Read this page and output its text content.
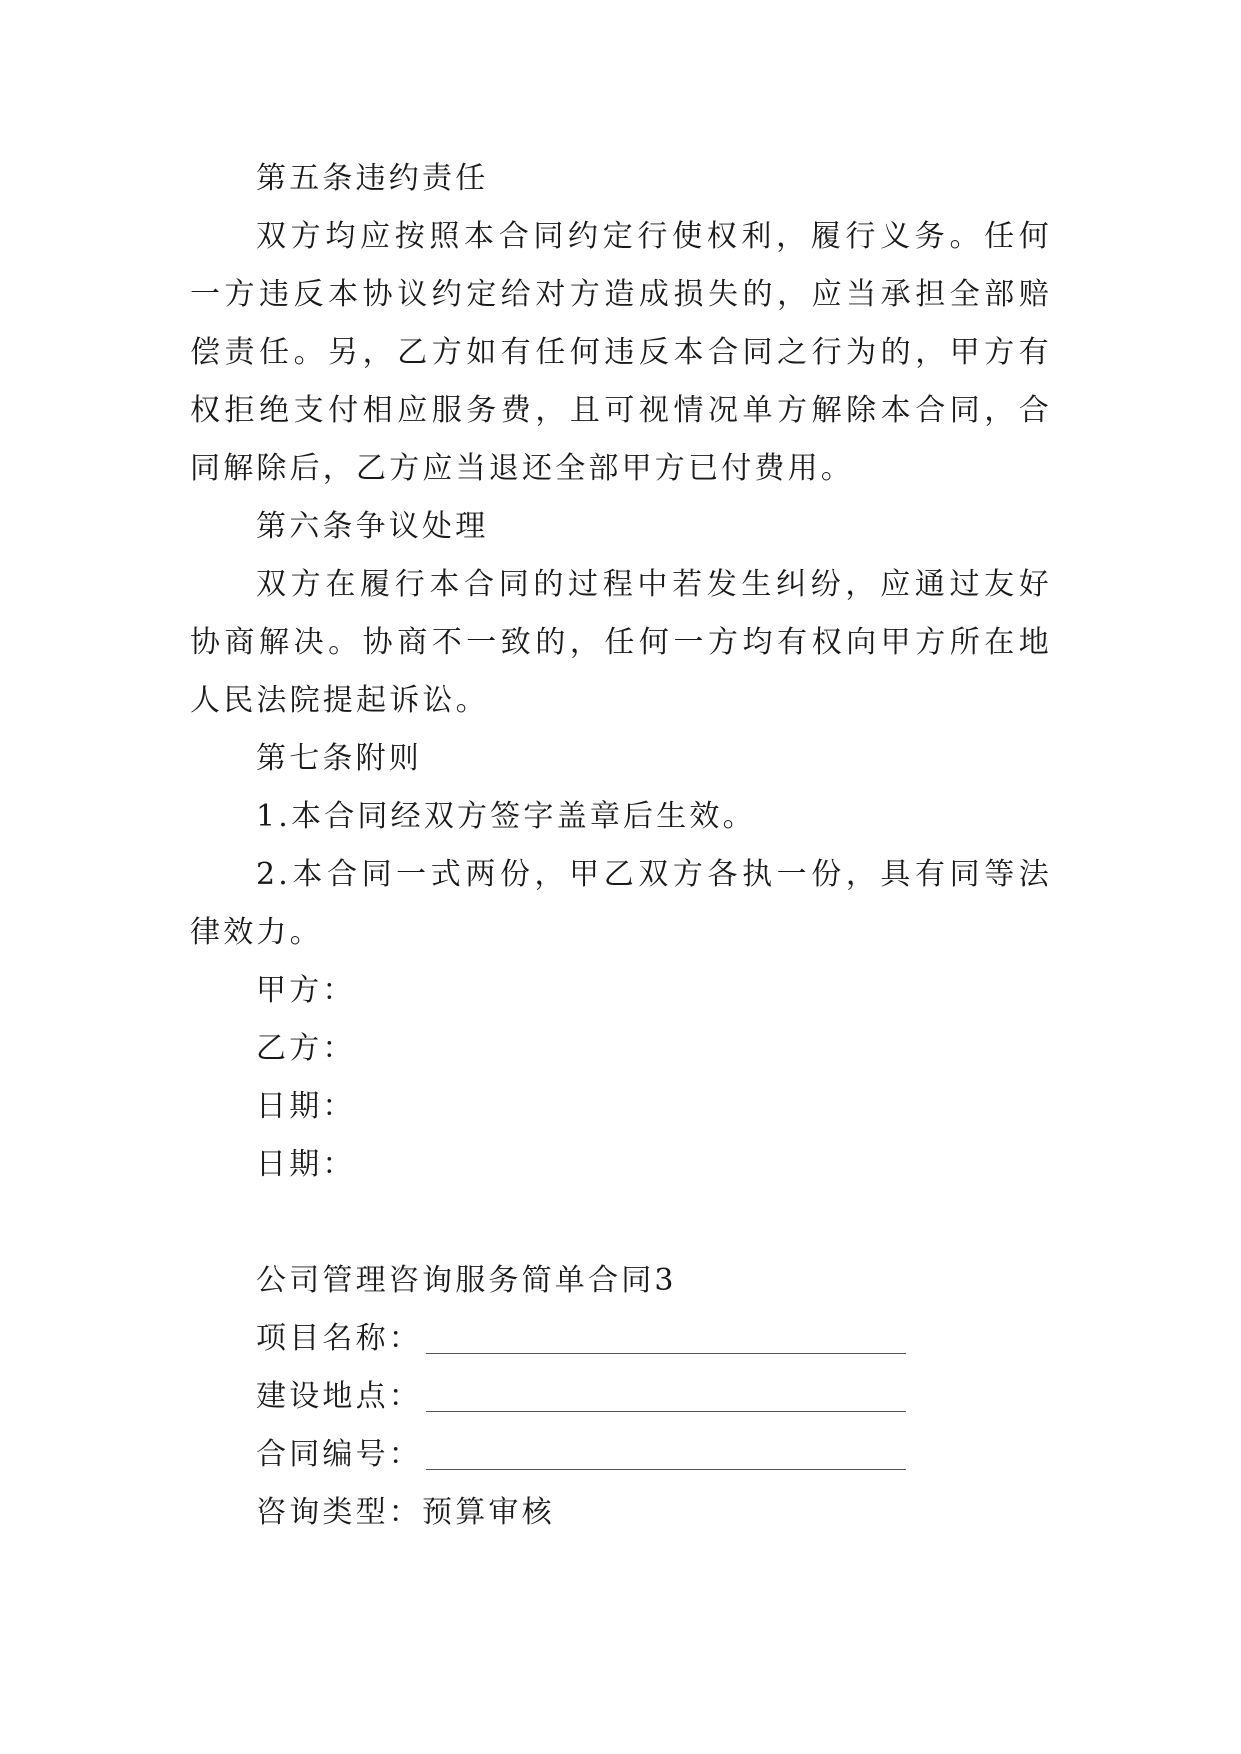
第五条违约责任

双方均应按照本合同约定行使权利，履行义务。任何一方违反本协议约定给对方造成损失的，应当承担全部赔偿责任。另，乙方如有任何违反本合同之行为的，甲方有权拒绝支付相应服务费，且可视情况单方解除本合同，合同解除后，乙方应当退还全部甲方已付费用。

第六条争议处理

双方在履行本合同的过程中若发生纠纷，应通过友好协商解决。协商不一致的，任何一方均有权向甲方所在地人民法院提起诉讼。

第七条附则

1.本合同经双方签字盖章后生效。

2.本合同一式两份，甲乙双方各执一份，具有同等法律效力。

甲方：

乙方：

日期：

日期：

公司管理咨询服务简单合同3

项目名称：

建设地点：

合同编号：

咨询类型：预算审核
